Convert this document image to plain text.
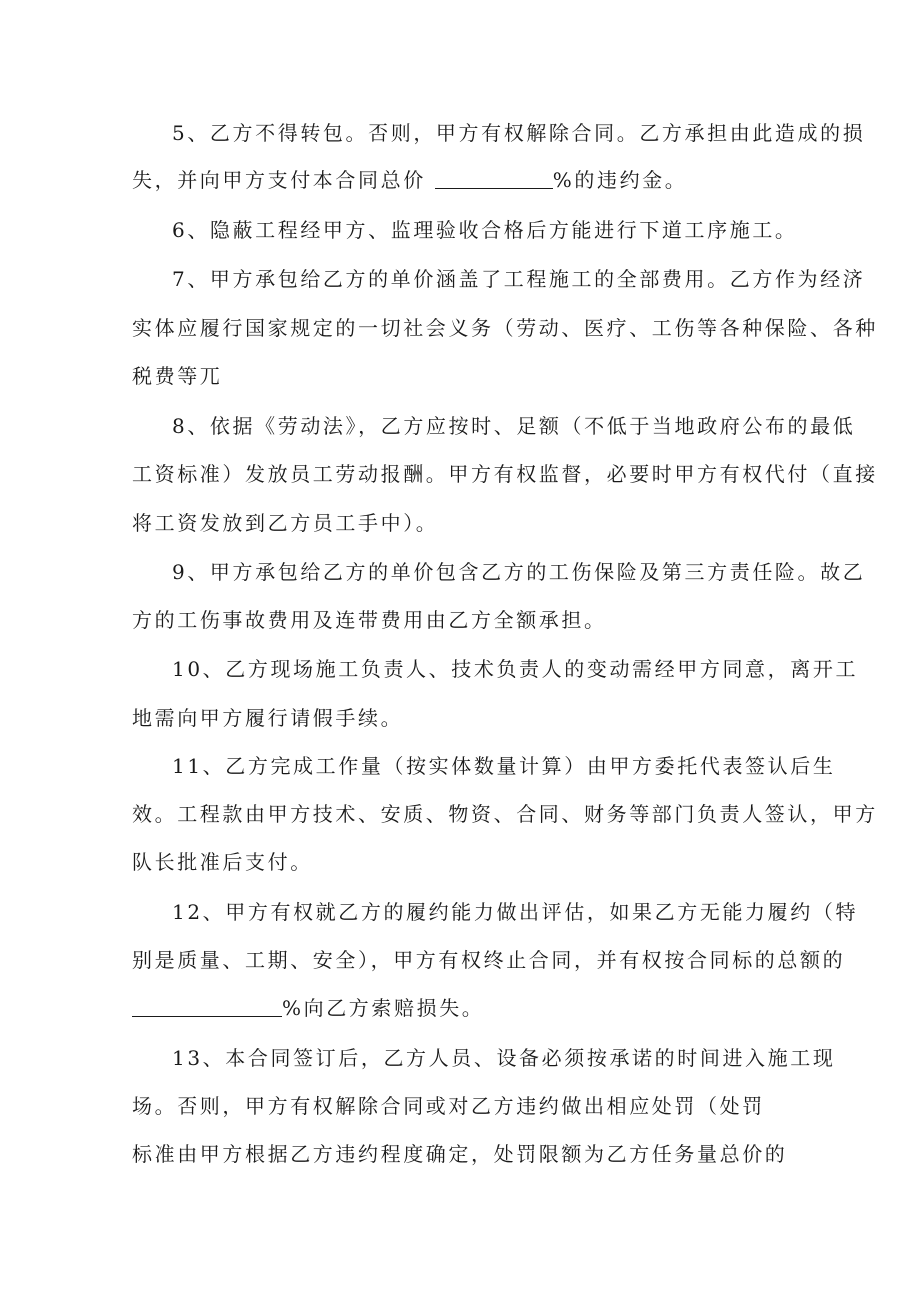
5、乙方不得转包。否则，甲方有权解除合同。乙方承担由此造成的损
失，并向甲方支付本合同总价	%的违约金。
6、隐蔽工程经甲方、监理验收合格后方能进行下道工序施工。
7、甲方承包给乙方的单价涵盖了工程施工的全部费用。乙方作为经济
实体应履行国家规定的一切社会义务（劳动、医疗、工伤等各种保险、各种
税费等兀
8、依据《劳动法》，乙方应按时、足额（不低于当地政府公布的最低
工资标准）发放员工劳动报酬。甲方有权监督，必要时甲方有权代付（直接
将工资发放到乙方员工手中）。
9、甲方承包给乙方的单价包含乙方的工伤保险及第三方责任险。故乙
方的工伤事故费用及连带费用由乙方全额承担。
10、乙方现场施工负责人、技术负责人的变动需经甲方同意，离开工
地需向甲方履行请假手续。
11、乙方完成工作量（按实体数量计算）由甲方委托代表签认后生
效。工程款由甲方技术、安质、物资、合同、财务等部门负责人签认，甲方
队长批准后支付。
12、甲方有权就乙方的履约能力做出评估，如果乙方无能力履约（特
别是质量、工期、安全），甲方有权终止合同，并有权按合同标的总额的
%向乙方索赔损失。
13、本合同签订后，乙方人员、设备必须按承诺的时间进入施工现
场。否则，甲方有权解除合同或对乙方违约做出相应处罚（处罚
标准由甲方根据乙方违约程度确定，处罚限额为乙方任务量总价的
